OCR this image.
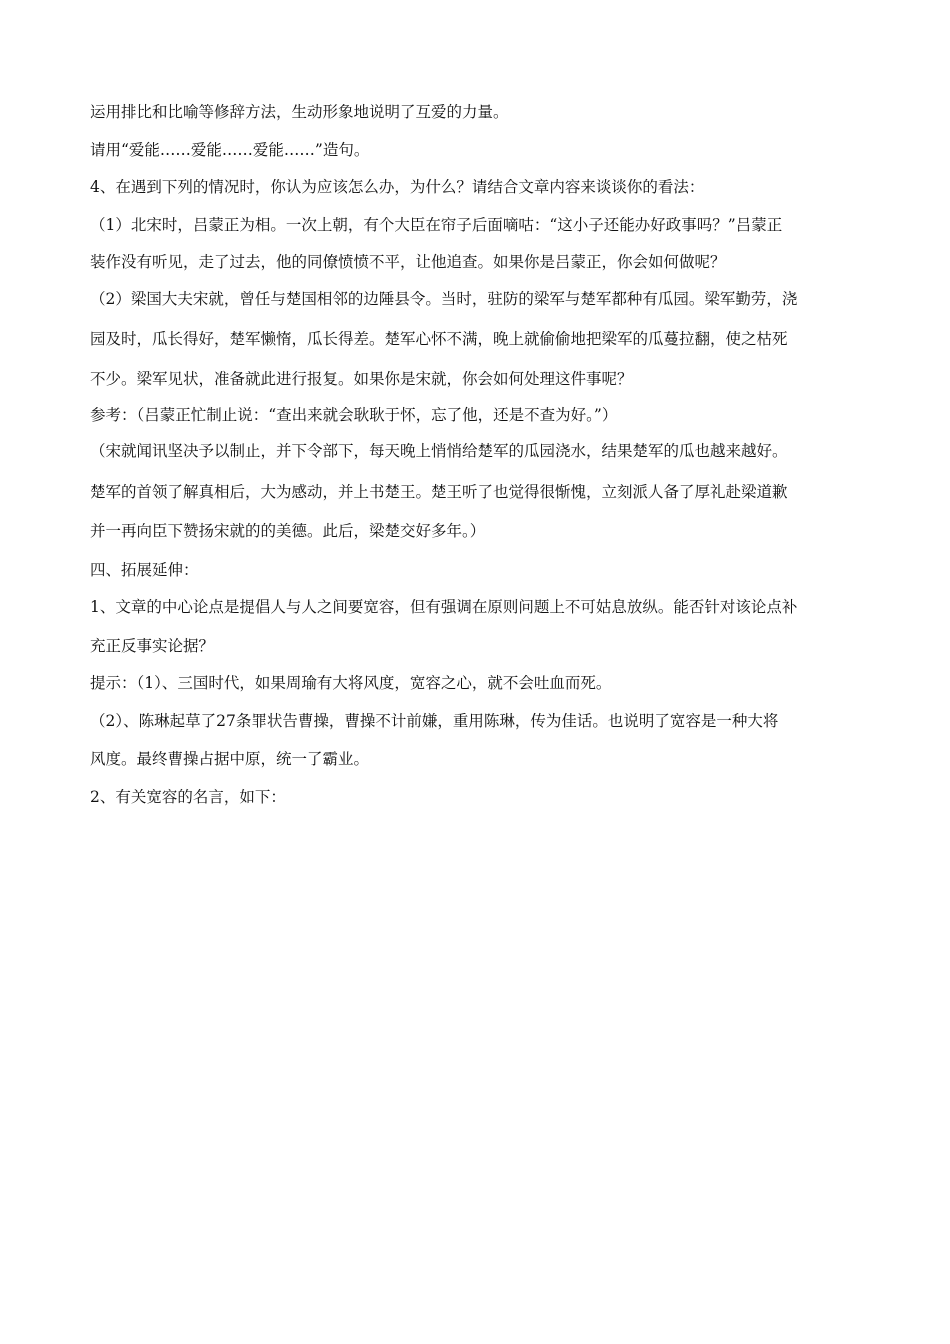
运用排比和比喻等修辞方法，生动形象地说明了互爱的力量。
请用“爱能……爱能……爱能……”造句。
4、在遇到下列的情况时，你认为应该怎么办，为什么？请结合文章内容来谈谈你的看法：
（1）北宋时，吕蒙正为相。一次上朝，有个大臣在帘子后面嘀咕：“这小子还能办好政事吗？”吕蒙正
装作没有听见，走了过去，他的同僚愤愤不平，让他追查。如果你是吕蒙正，你会如何做呢？
（2）梁国大夫宋就，曾任与楚国相邻的边陲县令。当时，驻防的梁军与楚军都种有瓜园。梁军勤劳，浇
园及时，瓜长得好，楚军懒惰，瓜长得差。楚军心怀不满，晚上就偷偷地把梁军的瓜蔓拉翻，使之枯死
不少。梁军见状，准备就此进行报复。如果你是宋就，你会如何处理这件事呢？
参考：（吕蒙正忙制止说：“查出来就会耿耿于怀，忘了他，还是不查为好。”）
（宋就闻讯坚决予以制止，并下令部下，每天晚上悄悄给楚军的瓜园浇水，结果楚军的瓜也越来越好。
楚军的首领了解真相后，大为感动，并上书楚王。楚王听了也觉得很惭愧，立刻派人备了厚礼赴梁道歉
并一再向臣下赞扬宋就的的美德。此后，梁楚交好多年。）
四、拓展延伸：
1、文章的中心论点是提倡人与人之间要宽容，但有强调在原则问题上不可姑息放纵。能否针对该论点补
充正反事实论据？
提示：（1）、三国时代，如果周瑜有大将风度，宽容之心，就不会吐血而死。
（2）、陈琳起草了27条罪状告曹操，曹操不计前嫌，重用陈琳，传为佳话。也说明了宽容是一种大将
风度。最终曹操占据中原，统一了霸业。
2、有关宽容的名言，如下：
